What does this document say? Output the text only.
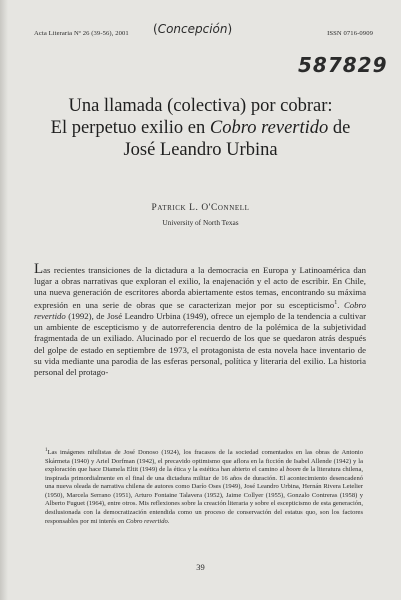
Acta Literaria Nº 26 (39-56), 2001	ISSN 0716-0909
(Concepción)
587829
Una llamada (colectiva) por cobrar:
El perpetuo exilio en Cobro revertido de
José Leandro Urbina
Patrick L. O'Connell
University of North Texas

Las recientes transiciones de la dictadura a la democracia en Europa y Latinoamérica dan lugar a obras narrativas que exploran el exilio, la enajenación y el acto de escribir. En Chile, una nueva generación de escritores aborda abiertamente estos temas, encontrando su máxima expresión en una serie de obras que se caracterizan mejor por su escepticismo$^1$. Cobro revertido (1992), de José Leandro Urbina (1949), ofrece un ejemplo de la tendencia a cultivar un ambiente de escepticismo y de autorreferencia dentro de la polémica de la subjetividad fragmentada de un exiliado. Alucinado por el recuerdo de los que se quedaron atrás después del golpe de estado en septiembre de 1973, el protagonista de esta novela hace inventario de su vida mediante una parodia de las esferas personal, política y literaria del exilio. La historia personal del protago-

$^1$Las imágenes nihilistas de José Donoso (1924), los fracasos de la sociedad comentados en las obras de Antonio Skármeta (1940) y Ariel Dorfman (1942), el precavido optimismo que aflora en la ficción de Isabel Allende (1942) y la exploración que hace Diamela Eltit (1949) de la ética y la estética han abierto el camino al boom de la literatura chilena, inspirada primordialmente en el final de una dictadura militar de 16 años de duración. El acontecimiento desencadenó una nueva oleada de narrativa chilena de autores como Darío Oses (1949), José Leandro Urbina, Hernán Rivera Letelier (1950), Marcela Serrano (1951), Arturo Fontaine Talavera (1952), Jaime Collyer (1955), Gonzalo Contreras (1958) y Alberto Fuguet (1964), entre otros. Mis reflexiones sobre la creación literaria y sobre el escepticismo de esta generación, desilusionada con la democratización entendida como un proceso de conservación del estatus quo, son los factores responsables por mi interés en Cobro revertido.

39
